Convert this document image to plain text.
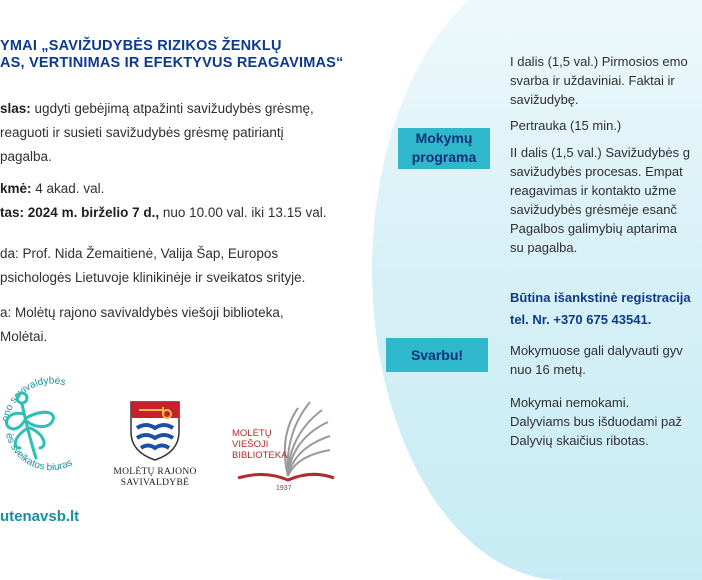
YMAI „SAVIŽUDYBĖS RIZIKOS ŽENKLŲ
AS, VERTINIMAS IR EFEKTYVUS REAGAVIMAS“
slas: ugdyti gebėjimą atpažinti savižudybės grėsmę,
reaguoti ir susieti savižudybės grėsmę patiriantį
pagalba.
kmė: 4 akad. val.
tas: 2024 m. birželio 7 d., nuo 10.00 val. iki 13.15 val.
da: Prof. Nida Žemaitienė, Valija Šap, Europos
psichologės Lietuvoje klinikinėje ir sveikatos srityje.
a: Molėtų rajono savivaldybės viešoji biblioteka,
Molėtai.
Mokymų
programa
Svarbu!
I dalis (1,5 val.) Pirmosios emo
svarba ir uždaviniai. Faktai ir
savižudybę.
Pertrauka (15 min.)
II dalis (1,5 val.) Savižudybės g
savižudybės procesas. Empat
reagavimas ir kontakto užme
savižudybės grėsmėje esanč
Pagalbos galimybių aptarima
su pagalba.
Būtina išankstinė registracija
tel. Nr. +370 675 43541.
Mokymuose gali dalyvauti gyv
nuo 16 metų.
Mokymai nemokami.
Dalyviams bus išduodami paž
Dalyvių skaičius ribotas.
ono savivaldybės
ės sveikatos biuras
utenavsb.lt
MOLĖTŲ RAJONO
SAVIVALDYBĖ
1937
MOLĖTŲ
VIEŠOJI
BIBLIOTEKA
